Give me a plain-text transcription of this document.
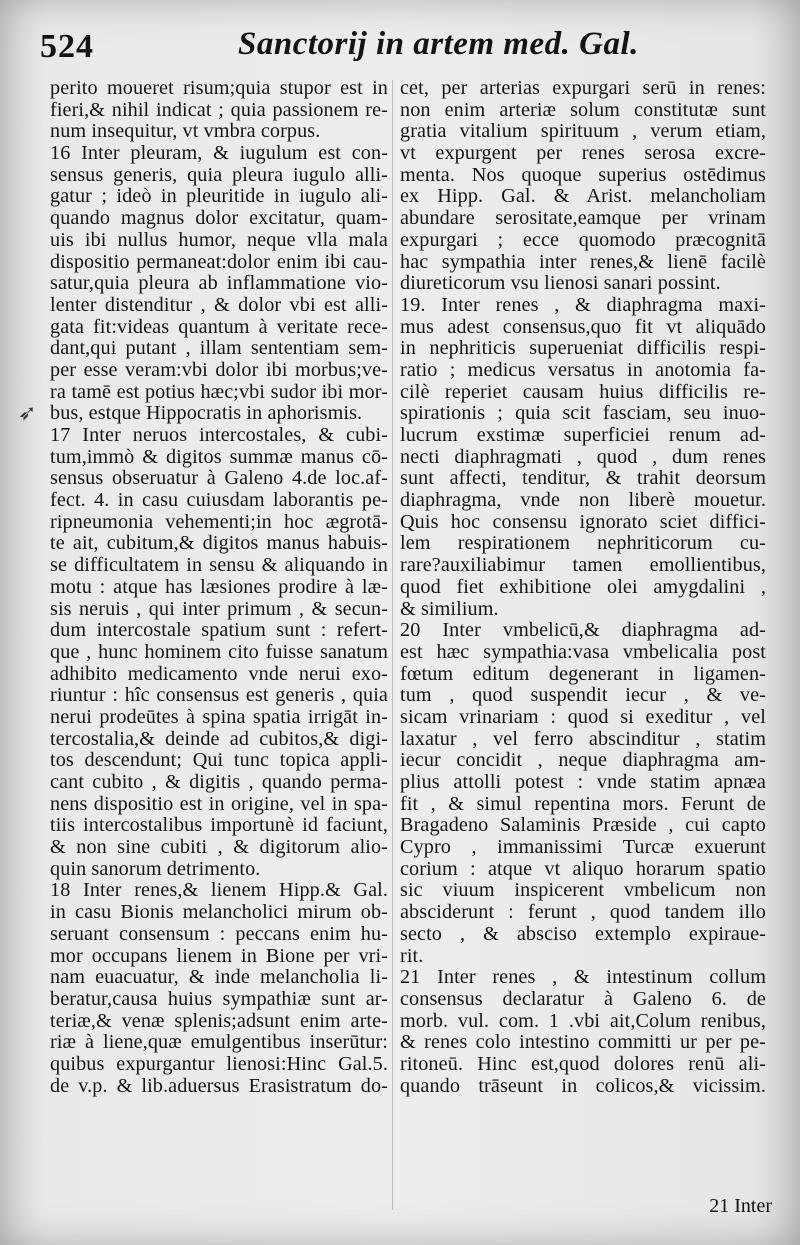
524	Sanctorij in artem med. Gal.
➶
perito moueret risum;quia stupor est in
fieri,& nihil indicat ; quia passionem re-
num insequitur, vt vmbra corpus.
16 Inter pleuram, & iugulum est con-
sensus generis, quia pleura iugulo alli-
gatur ; ideò in pleuritide in iugulo ali-
quando magnus dolor excitatur, quam-
uis ibi nullus humor, neque vlla mala
dispositio permaneat:dolor enim ibi cau-
satur,quia pleura ab inflammatione vio-
lenter distenditur , & dolor vbi est alli-
gata fit:videas quantum à veritate rece-
dant,qui putant , illam sententiam sem-
per esse veram:vbi dolor ibi morbus;ve-
ra tamē est potius hæc;vbi sudor ibi mor-
bus, estque Hippocratis in aphorismis.
17 Inter neruos intercostales, & cubi-
tum,immò & digitos summæ manus cō-
sensus obseruatur à Galeno 4.de loc.af-
fect. 4. in casu cuiusdam laborantis pe-
ripneumonia vehementi;in hoc ægrotā-
te ait, cubitum,& digitos manus habuis-
se difficultatem in sensu & aliquando in
motu : atque has læsiones prodire à læ-
sis neruis , qui inter primum , & secun-
dum intercostale spatium sunt : refert-
que , hunc hominem cito fuisse sanatum
adhibito medicamento vnde nerui exo-
riuntur : hîc consensus est generis , quia
nerui prodeūtes à spina spatia irrigāt in-
tercostalia,& deinde ad cubitos,& digi-
tos descendunt; Qui tunc topica appli-
cant cubito , & digitis , quando perma-
nens dispositio est in origine, vel in spa-
tiis intercostalibus importunè id faciunt,
& non sine cubiti , & digitorum alio-
quin sanorum detrimento.
18 Inter renes,& lienem Hipp.& Gal.
in casu Bionis melancholici mirum ob-
seruant consensum : peccans enim hu-
mor occupans lienem in Bione per vri-
nam euacuatur, & inde melancholia li-
beratur,causa huius sympathiæ sunt ar-
teriæ,& venæ splenis;adsunt enim arte-
riæ à liene,quæ emulgentibus inserūtur:
quibus expurgantur lienosi:Hinc Gal.5.
de v.p. & lib.aduersus Erasistratum do-
cet, per arterias expurgari serū in renes:
non enim arteriæ solum constitutæ sunt
gratia vitalium spirituum , verum etiam,
vt expurgent per renes serosa excre-
menta. Nos quoque superius ostēdimus
ex Hipp. Gal. & Arist. melancholiam
abundare serositate,eamque per vrinam
expurgari ; ecce quomodo præcognitā
hac sympathia inter renes,& lienē facilè
diureticorum vsu lienosi sanari possint.
19. Inter renes , & diaphragma maxi-
mus adest consensus,quo fit vt aliquādo
in nephriticis superueniat difficilis respi-
ratio ; medicus versatus in anotomia fa-
cilè reperiet causam huius difficilis re-
spirationis ; quia scit fasciam, seu inuo-
lucrum exstimæ superficiei renum ad-
necti diaphragmati , quod , dum renes
sunt affecti, tenditur, & trahit deorsum
diaphragma, vnde non liberè mouetur.
Quis hoc consensu ignorato sciet diffici-
lem respirationem nephriticorum cu-
rare?auxiliabimur tamen emollientibus,
quod fiet exhibitione olei amygdalini ,
& similium.
20 Inter vmbelicū,& diaphragma ad-
est hæc sympathia:vasa vmbelicalia post
fœtum editum degenerant in ligamen-
tum , quod suspendit iecur , & ve-
sicam vrinariam : quod si exeditur , vel
laxatur , vel ferro abscinditur , statim
iecur concidit , neque diaphragma am-
plius attolli potest : vnde statim apnæa
fit , & simul repentina mors. Ferunt de
Bragadeno Salaminis Præside , cui capto
Cypro , immanissimi Turcæ exuerunt
corium : atque vt aliquo horarum spatio
sic viuum inspicerent vmbelicum non
absciderunt : ferunt , quod tandem illo
secto , & absciso extemplo expiraue-
rit.
21 Inter renes , & intestinum collum
consensus declaratur à Galeno 6. de
morb. vul. com. 1 .vbi ait,Colum renibus,
& renes colo intestino committi ur per pe-
ritoneū. Hinc est,quod dolores renū ali-
quando trāseunt in colicos,& vicissim.
21 Inter
